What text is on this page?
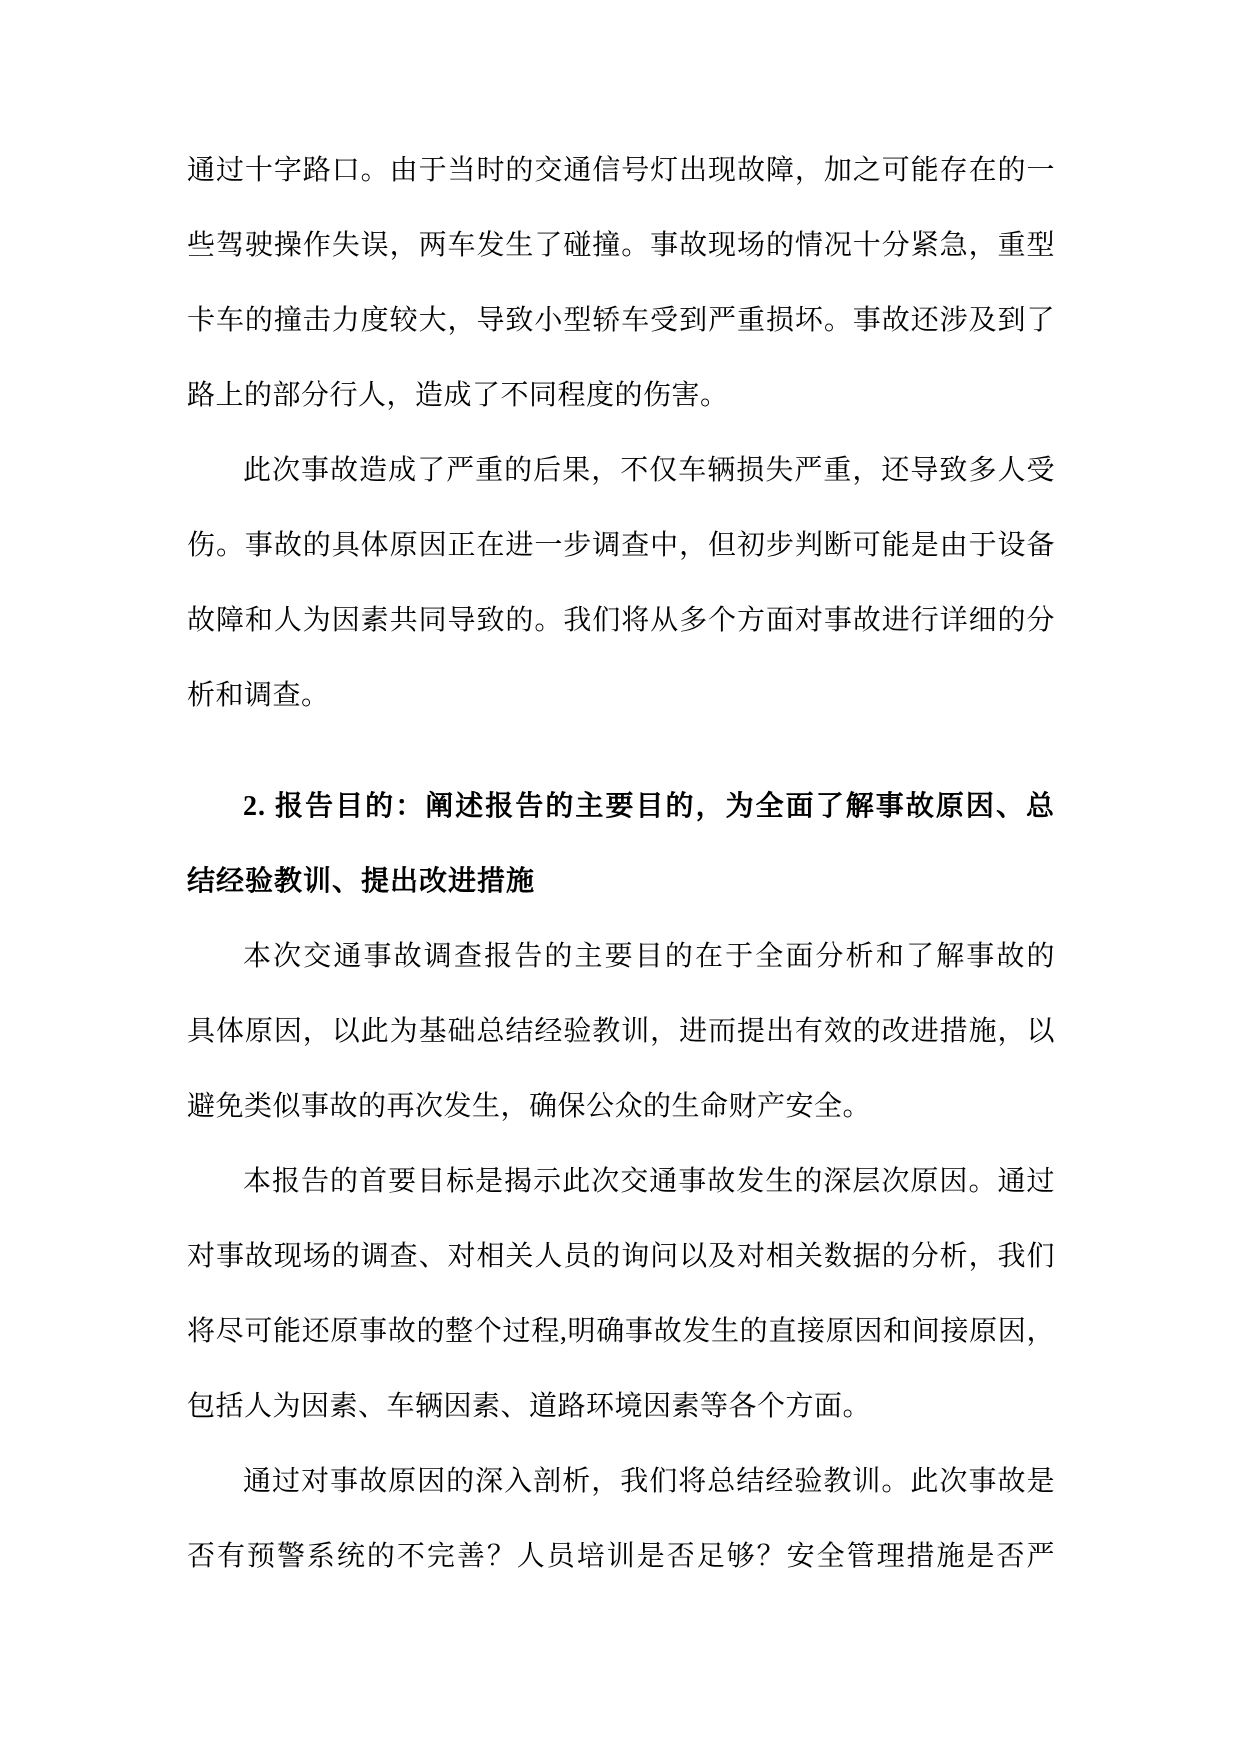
通过十字路口。由于当时的交通信号灯出现故障，加之可能存在的一
些驾驶操作失误，两车发生了碰撞。事故现场的情况十分紧急，重型
卡车的撞击力度较大，导致小型轿车受到严重损坏。事故还涉及到了
路上的部分行人，造成了不同程度的伤害。
此次事故造成了严重的后果，不仅车辆损失严重，还导致多人受
伤。事故的具体原因正在进一步调查中，但初步判断可能是由于设备
故障和人为因素共同导致的。我们将从多个方面对事故进行详细的分
析和调查。
2. 报告目的：阐述报告的主要目的，为全面了解事故原因、总
结经验教训、提出改进措施
本次交通事故调查报告的主要目的在于全面分析和了解事故的
具体原因，以此为基础总结经验教训，进而提出有效的改进措施，以
避免类似事故的再次发生，确保公众的生命财产安全。
本报告的首要目标是揭示此次交通事故发生的深层次原因。通过
对事故现场的调查、对相关人员的询问以及对相关数据的分析，我们
将尽可能还原事故的整个过程,明确事故发生的直接原因和间接原因，
包括人为因素、车辆因素、道路环境因素等各个方面。
通过对事故原因的深入剖析，我们将总结经验教训。此次事故是
否有预警系统的不完善？人员培训是否足够？安全管理措施是否严
